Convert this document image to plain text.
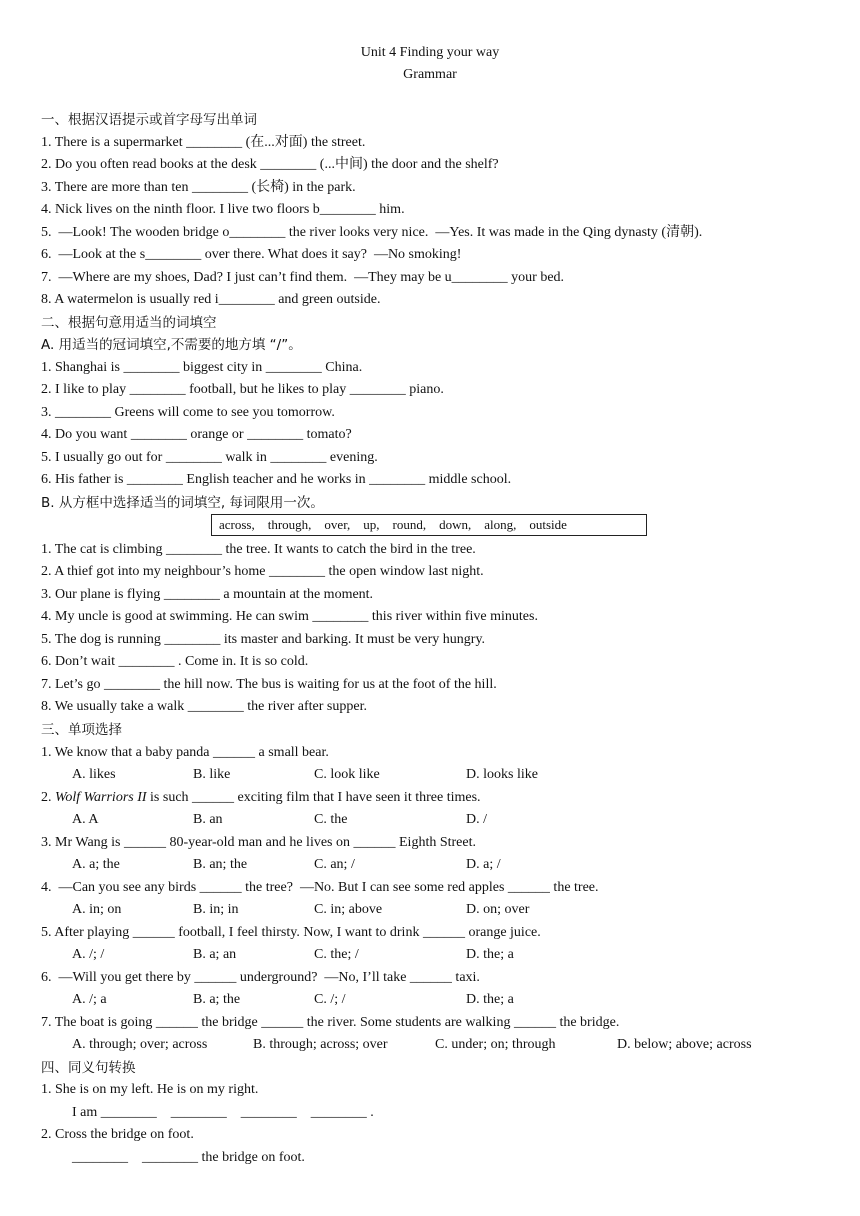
Unit 4 Finding your way
Grammar
一、根据汉语提示或首字母写出单词
1. There is a supermarket ________ (在...对面) the street.
2. Do you often read books at the desk ________ (...中间) the door and the shelf?
3. There are more than ten ________ (长椅) in the park.
4. Nick lives on the ninth floor. I live two floors b________ him.
5.  —Look! The wooden bridge o________ the river looks very nice.  —Yes. It was made in the Qing dynasty (清朝).
6.  —Look at the s________ over there. What does it say?  —No smoking!
7.  —Where are my shoes, Dad? I just can’t find them.  —They may be u________ your bed.
8. A watermelon is usually red i________ and green outside.
二、根据句意用适当的词填空
A. 用适当的冠词填空,不需要的地方填 “/”。
1. Shanghai is ________ biggest city in ________ China.
2. I like to play ________ football, but he likes to play ________ piano.
3. ________ Greens will come to see you tomorrow.
4. Do you want ________ orange or ________ tomato?
5. I usually go out for ________ walk in ________ evening.
6. His father is ________ English teacher and he works in ________ middle school.
B. 从方框中选择适当的词填空, 每词限用一次。
across,    through,    over,    up,    round,    down,    along,    outside
1. The cat is climbing ________ the tree. It wants to catch the bird in the tree.
2. A thief got into my neighbour’s home ________ the open window last night.
3. Our plane is flying ________ a mountain at the moment.
4. My uncle is good at swimming. He can swim ________ this river within five minutes.
5. The dog is running ________ its master and barking. It must be very hungry.
6. Don’t wait ________ . Come in. It is so cold.
7. Let’s go ________ the hill now. The bus is waiting for us at the foot of the hill.
8. We usually take a walk ________ the river after supper.
三、单项选择
1. We know that a baby panda ______ a small bear.
A. likes	B. like	C. look like	D. looks like
2. Wolf Warriors II is such ______ exciting film that I have seen it three times.
A. A	B. an	C. the	D. /
3. Mr Wang is ______ 80-year-old man and he lives on ______ Eighth Street.
A. a; the	B. an; the	C. an; /	D. a; /
4.  —Can you see any birds ______ the tree?  —No. But I can see some red apples ______ the tree.
A. in; on	B. in; in	C. in; above	D. on; over
5. After playing ______ football, I feel thirsty. Now, I want to drink ______ orange juice.
A. /; /	B. a; an	C. the; /	D. the; a
6.  —Will you get there by ______ underground?  —No, I’ll take ______ taxi.
A. /; a	B. a; the	C. /; /	D. the; a
7. The boat is going ______ the bridge ______ the river. Some students are walking ______ the bridge.
A. through; over; across	B. through; across; over	C. under; on; through	D. below; above; across
四、同义句转换
1. She is on my left. He is on my right.
I am ________    ________    ________    ________ .
2. Cross the bridge on foot.
________    ________ the bridge on foot.
